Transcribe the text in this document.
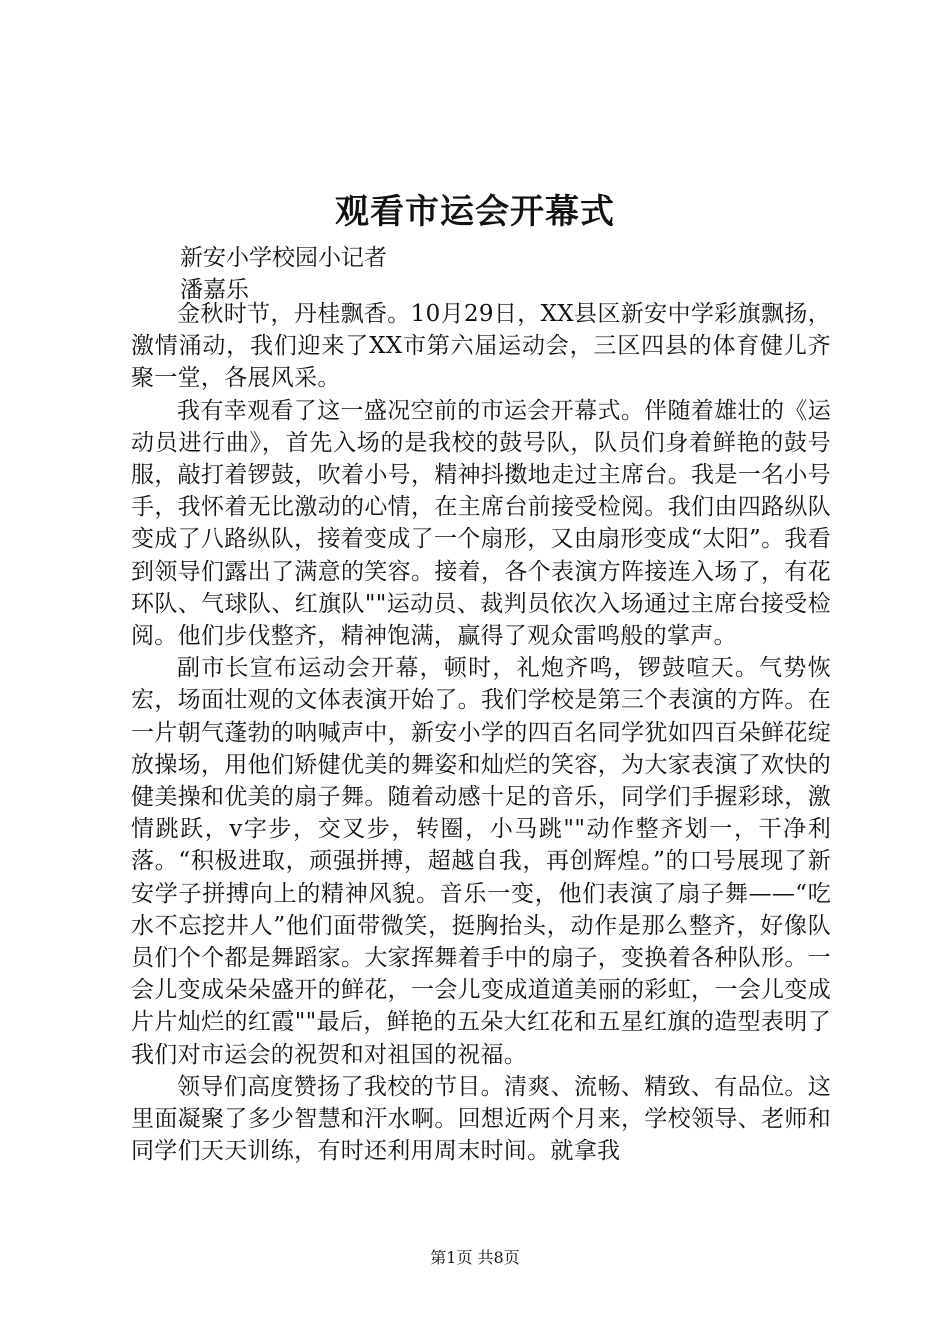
观看市运会开幕式

新安小学校园小记者

潘嘉乐

金秋时节，丹桂飘香。10月29日，XX县区新安中学彩旗飘扬，激情涌动，我们迎来了XX市第六届运动会，三区四县的体育健儿齐聚一堂，各展风采。

我有幸观看了这一盛况空前的市运会开幕式。伴随着雄壮的《运动员进行曲》，首先入场的是我校的鼓号队，队员们身着鲜艳的鼓号服，敲打着锣鼓，吹着小号，精神抖擞地走过主席台。我是一名小号手，我怀着无比激动的心情，在主席台前接受检阅。我们由四路纵队变成了八路纵队，接着变成了一个扇形，又由扇形变成“太阳”。我看到领导们露出了满意的笑容。接着，各个表演方阵接连入场了，有花环队、气球队、红旗队""运动员、裁判员依次入场通过主席台接受检阅。他们步伐整齐，精神饱满，赢得了观众雷鸣般的掌声。

副市长宣布运动会开幕，顿时，礼炮齐鸣，锣鼓喧天。气势恢宏，场面壮观的文体表演开始了。我们学校是第三个表演的方阵。在一片朝气蓬勃的呐喊声中，新安小学的四百名同学犹如四百朵鲜花绽放操场，用他们矫健优美的舞姿和灿烂的笑容，为大家表演了欢快的健美操和优美的扇子舞。随着动感十足的音乐，同学们手握彩球，激情跳跃，v字步，交叉步，转圈，小马跳""动作整齐划一，干净利落。“积极进取，顽强拼搏，超越自我，再创辉煌。”的口号展现了新安学子拼搏向上的精神风貌。音乐一变，他们表演了扇子舞——“吃水不忘挖井人”他们面带微笑，挺胸抬头，动作是那么整齐，好像队员们个个都是舞蹈家。大家挥舞着手中的扇子，变换着各种队形。一会儿变成朵朵盛开的鲜花，一会儿变成道道美丽的彩虹，一会儿变成片片灿烂的红霞""最后，鲜艳的五朵大红花和五星红旗的造型表明了我们对市运会的祝贺和对祖国的祝福。

领导们高度赞扬了我校的节目。清爽、流畅、精致、有品位。这里面凝聚了多少智慧和汗水啊。回想近两个月来，学校领导、老师和同学们天天训练，有时还利用周末时间。就拿我

第1页 共8页
